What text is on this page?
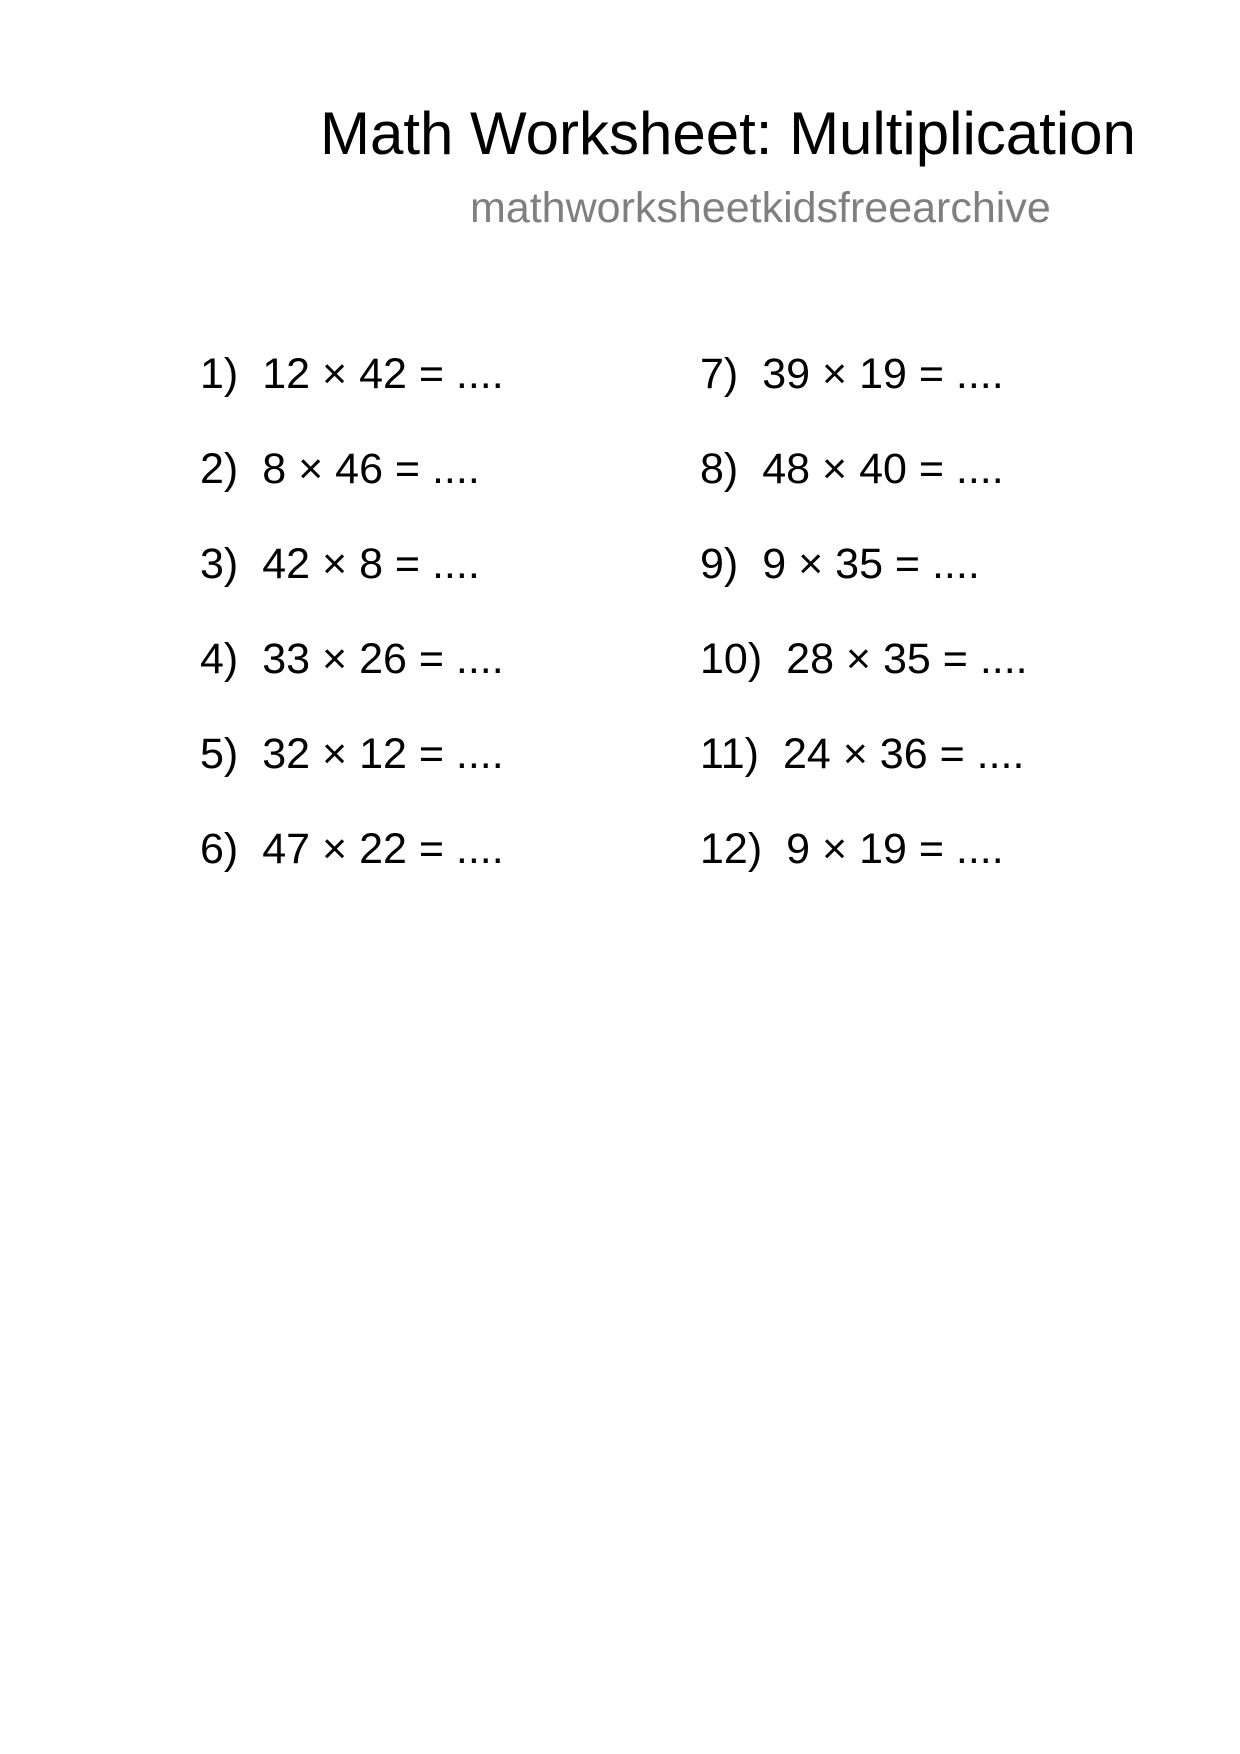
Math Worksheet: Multiplication
mathworksheetkidsfreearchive
1) 12 × 42 = ....
2) 8 × 46 = ....
3) 42 × 8 = ....
4) 33 × 26 = ....
5) 32 × 12 = ....
6) 47 × 22 = ....
7) 39 × 19 = ....
8) 48 × 40 = ....
9) 9 × 35 = ....
10) 28 × 35 = ....
11) 24 × 36 = ....
12) 9 × 19 = ....
